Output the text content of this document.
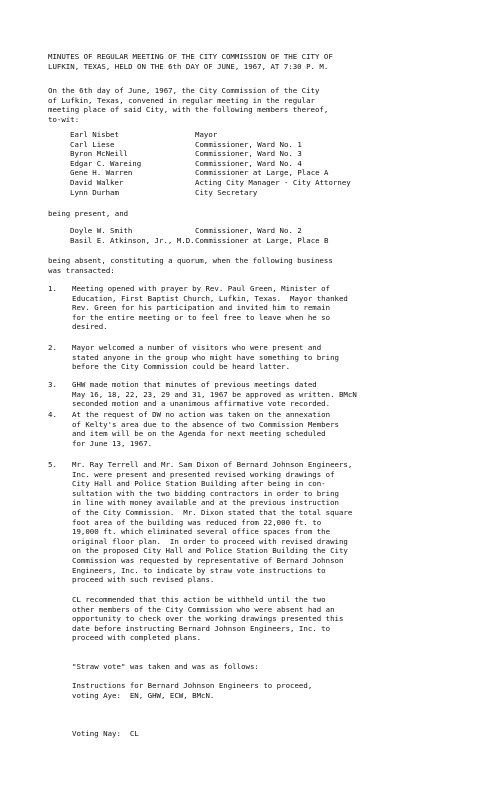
MINUTES OF REGULAR MEETING OF THE CITY COMMISSION OF THE CITY OF
LUFKIN, TEXAS, HELD ON THE 6th DAY OF JUNE, 1967, AT 7:30 P. M.
On the 6th day of June, 1967, the City Commission of the City
of Lufkin, Texas, convened in regular meeting in the regular
meeting place of said City, with the following members thereof,
to-wit:
Earl Nisbet	Mayor
Carl Liese	Commissioner, Ward No. 1
Byron McNeill	Commissioner, Ward No. 3
Edgar C. Wareing	Commissioner, Ward No. 4
Gene H. Warren	Commissioner at Large, Place A
David Walker	Acting City Manager - City Attorney
Lynn Durham	City Secretary
being present, and
Doyle W. Smith	Commissioner, Ward No. 2
Basil E. Atkinson, Jr., M.D. Commissioner at Large, Place B
being absent, constituting a quorum, when the following business
was transacted:
1. Meeting opened with prayer by Rev. Paul Green, Minister of
Education, First Baptist Church, Lufkin, Texas.  Mayor thanked
Rev. Green for his participation and invited him to remain
for the entire meeting or to feel free to leave when he so
desired.
2. Mayor welcomed a number of visitors who were present and
stated anyone in the group who might have something to bring
before the City Commission could be heard latter.
3. GHW made motion that minutes of previous meetings dated
May 16, 18, 22, 23, 29 and 31, 1967 be approved as written. BMcN
seconded motion and a unanimous affirmative vote recorded.
4. At the request of DW no action was taken on the annexation
of Kelty's area due to the absence of two Commission Members
and item will be on the Agenda for next meeting scheduled
for June 13, 1967.
5. Mr. Ray Terrell and Mr. Sam Dixon of Bernard Johnson Engineers,
Inc. were present and presented revised working drawings of
City Hall and Police Station Building after being in con-
sultation with the two bidding contractors in order to bring
in line with money available and at the previous instruction
of the City Commission.  Mr. Dixon stated that the total square
foot area of the building was reduced from 22,000 ft. to
19,000 ft. which eliminated several office spaces from the
original floor plan.  In order to proceed with revised drawing
on the proposed City Hall and Police Station Building the City
Commission was requested by representative of Bernard Johnson
Engineers, Inc. to indicate by straw vote instructions to
proceed with such revised plans.
CL recommended that this action be withheld until the two
other members of the City Commission who were absent had an
opportunity to check over the working drawings presented this
date before instructing Bernard Johnson Engineers, Inc. to
proceed with completed plans.
"Straw vote" was taken and was as follows:
Instructions for Bernard Johnson Engineers to proceed,
voting Aye:  EN, GHW, ECW, BMcN.
Voting Nay:  CL
